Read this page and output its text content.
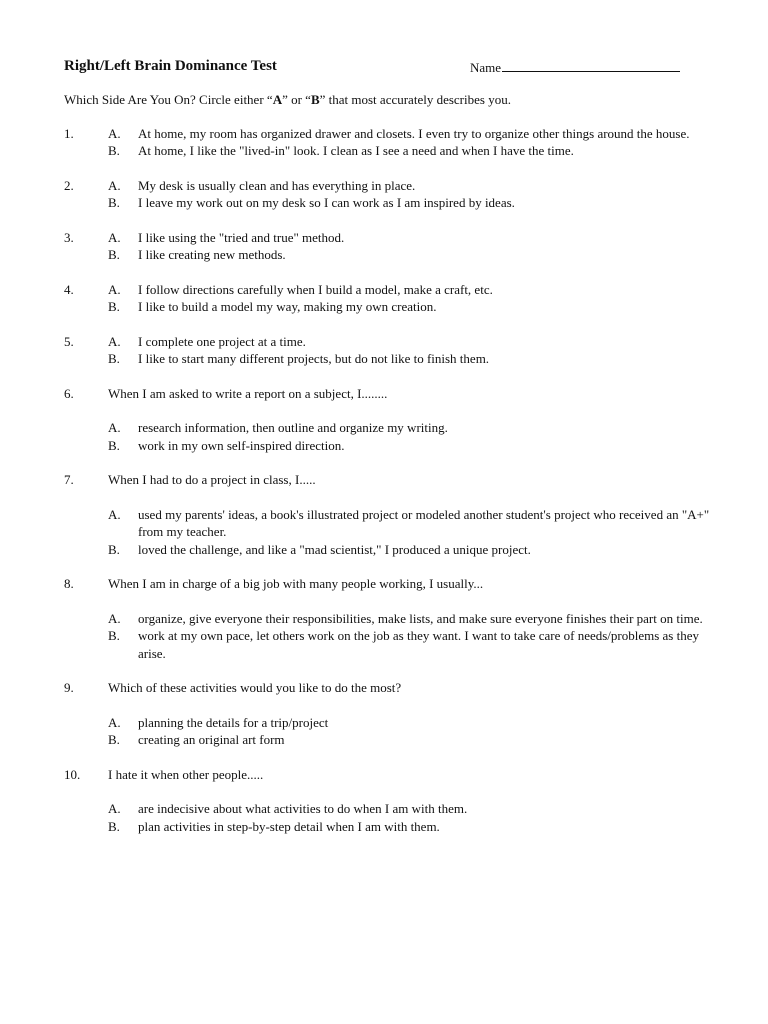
Right/Left Brain Dominance Test	Name
Which Side Are You On? Circle either “A” or “B” that most accurately describes you.
1.	A.	At home, my room has organized drawer and closets. I even try to organize other things around the house.
B.	At home, I like the "lived-in" look. I clean as I see a need and when I have the time.
2.	A.	My desk is usually clean and has everything in place.
B.	I leave my work out on my desk so I can work as I am inspired by ideas.
3.	A.	I like using the "tried and true" method.
B.	I like creating new methods.
4.	A.	I follow directions carefully when I build a model, make a craft, etc.
B.	I like to build a model my way, making my own creation.
5.	A.	I complete one project at a time.
B.	I like to start many different projects, but do not like to finish them.
6.	When I am asked to write a report on a subject, I........
A.	research information, then outline and organize my writing.
B.	work in my own self-inspired direction.
7.	When I had to do a project in class, I.....
A.	used my parents' ideas, a book's illustrated project or modeled another student's project who received an "A+" from my teacher.
B.	loved the challenge, and like a "mad scientist," I produced a unique project.
8.	When I am in charge of a big job with many people working, I usually...
A.	organize, give everyone their responsibilities, make lists, and make sure everyone finishes their part on time.
B.	work at my own pace, let others work on the job as they want. I want to take care of needs/problems as they arise.
9.	Which of these activities would you like to do the most?
A.	planning the details for a trip/project
B.	creating an original art form
10.	I hate it when other people.....
A.	are indecisive about what activities to do when I am with them.
B.	plan activities in step-by-step detail when I am with them.
